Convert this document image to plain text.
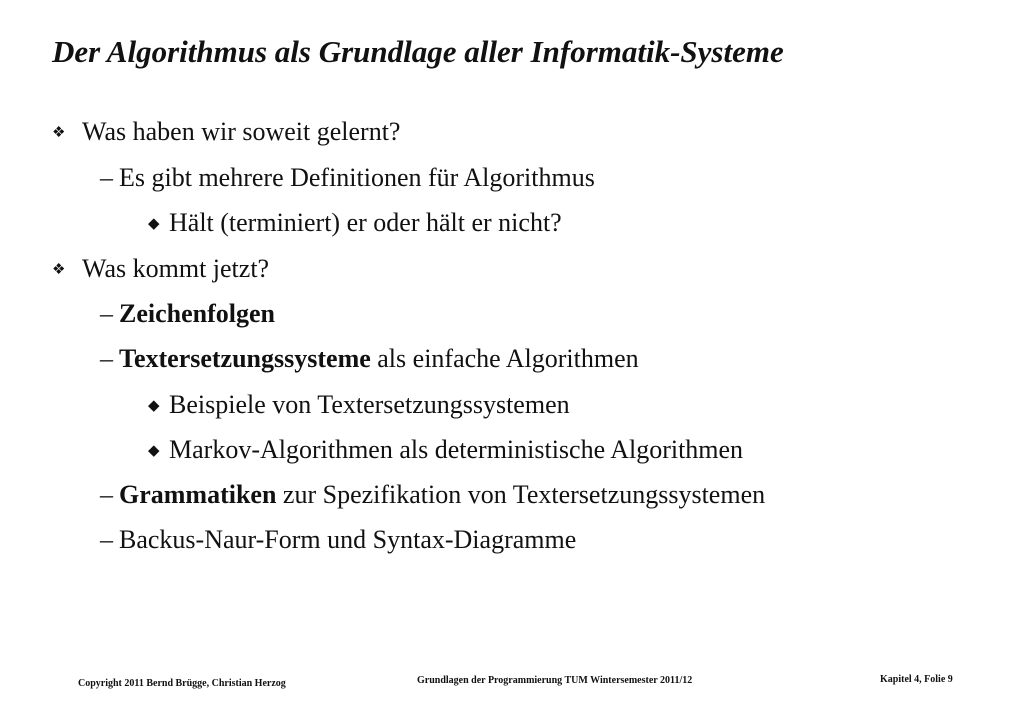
Der Algorithmus als Grundlage aller Informatik-Systeme
❖ Was haben wir soweit gelernt?
– Es gibt mehrere Definitionen für Algorithmus
◆ Hält (terminiert) er oder hält er nicht?
❖ Was kommt jetzt?
– Zeichenfolgen
– Textersetzungssysteme als einfache Algorithmen
◆ Beispiele von Textersetzungssystemen
◆ Markov-Algorithmen als deterministische Algorithmen
– Grammatiken zur Spezifikation von Textersetzungssystemen
– Backus-Naur-Form und Syntax-Diagramme
Copyright 2011 Bernd Brügge, Christian Herzog	Grundlagen der Programmierung TUM Wintersemester 2011/12	Kapitel 4, Folie 9
